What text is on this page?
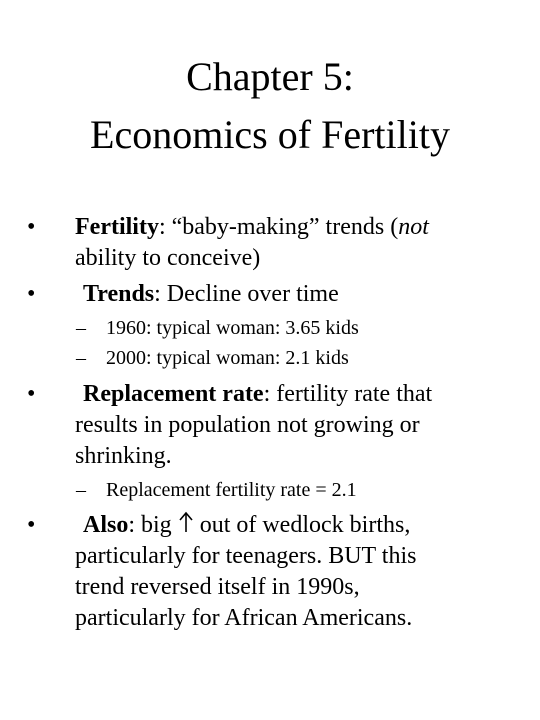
Chapter 5:
Economics of Fertility
• Fertility: “baby-making” trends (not
ability to conceive)
• Trends: Decline over time
– 1960: typical woman: 3.65 kids
– 2000: typical woman: 2.1 kids
• Replacement rate: fertility rate that
results in population not growing or
shrinking.
– Replacement fertility rate = 2.1
• Also: big out of wedlock births,
particularly for teenagers. BUT this
trend reversed itself in 1990s,
particularly for African Americans.
